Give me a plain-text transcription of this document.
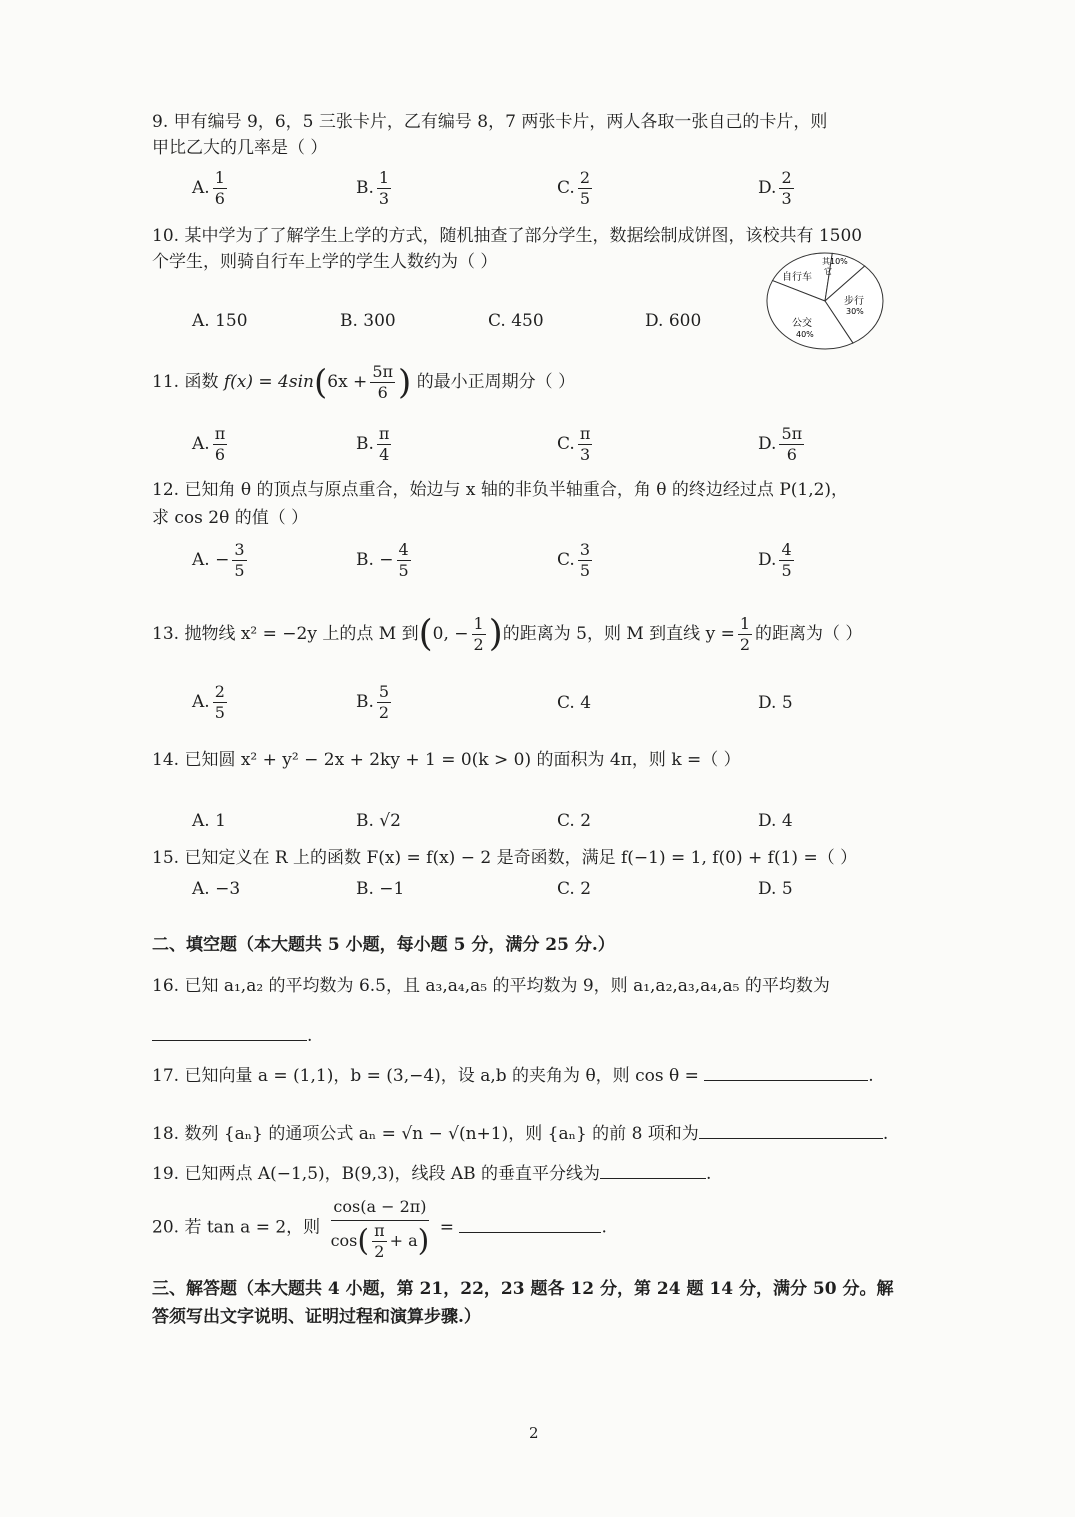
9. 甲有编号 9，6，5 三张卡片，乙有编号 8，7 两张卡片，两人各取一张自己的卡片，则
甲比乙大的几率是（ ）
A. $\frac{1}{6}$	B. $\frac{1}{3}$	C. $\frac{2}{5}$	D. $\frac{2}{3}$
10. 某中学为了了解学生上学的方式，随机抽查了部分学生，数据绘制成饼图，该校共有 1500
个学生，则骑自行车上学的学生人数约为（ ）
A. 150	B. 300	C. 450	D. 600
自行车
其10%
它
步行
30%
公交
40%
11. 函数 $f(x) = 4\sin(6x + \frac{5\pi}{6}$ ) 的最小正周期分（ ）
A. $\frac{\pi}{6}$	B. $\frac{\pi}{4}$	C. $\frac{\pi}{3}$	D. $\frac{5\pi}{6}$
12. 已知角 θ 的顶点与原点重合，始边与 x 轴的非负半轴重合，角 θ 的终边经过点 P(1,2)，
求 cos 2θ 的值（ ）
A. − $\frac{3}{5}$	B. − $\frac{4}{5}$	C. $\frac{3}{5}$	D. $\frac{4}{5}$
13. 抛物线 x² = −2y 上的点 M 到(0, − $\frac{1}{2}$ )的距离为 5，则 M 到直线 $y = \frac{1}{2}$ 的距离为（ ）
A. $\frac{2}{5}$	B. $\frac{5}{2}$	C. 4	D. 5
14. 已知圆 x² + y² − 2x + 2ky + 1 = 0(k > 0) 的面积为 4π，则 k =（ ）
A. 1	B. √2	C. 2	D. 4
15. 已知定义在 R 上的函数 F(x) = f(x) − 2 是奇函数，满足 f(−1) = 1, f(0) + f(1) =（ ）
A. −3	B. −1	C. 2	D. 5
二、填空题（本大题共 5 小题，每小题 5 分，满分 25 分.）
16. 已知 a₁,a₂ 的平均数为 6.5，且 a₃,a₄,a₅ 的平均数为 9，则 a₁,a₂,a₃,a₄,a₅ 的平均数为
.
17. 已知向量 a = (1,1)，b = (3,−4)，设 a,b 的夹角为 θ，则 cos θ =	.
18. 数列 {aₙ} 的通项公式 aₙ = √n − √(n+1)，则 {aₙ} 的前 8 项和为	.
19. 已知两点 A(−1,5)，B(9,3)，线段 AB 的垂直平分线为	.
20. 若 tan a = 2，则 $\frac{\cos(a - 2\pi)}{\cos( \frac{\pi}{2} + a)}$ =	.
三、解答题（本大题共 4 小题，第 21，22，23 题各 12 分，第 24 题 14 分，满分 50 分。解
答须写出文字说明、证明过程和演算步骤.）
2
